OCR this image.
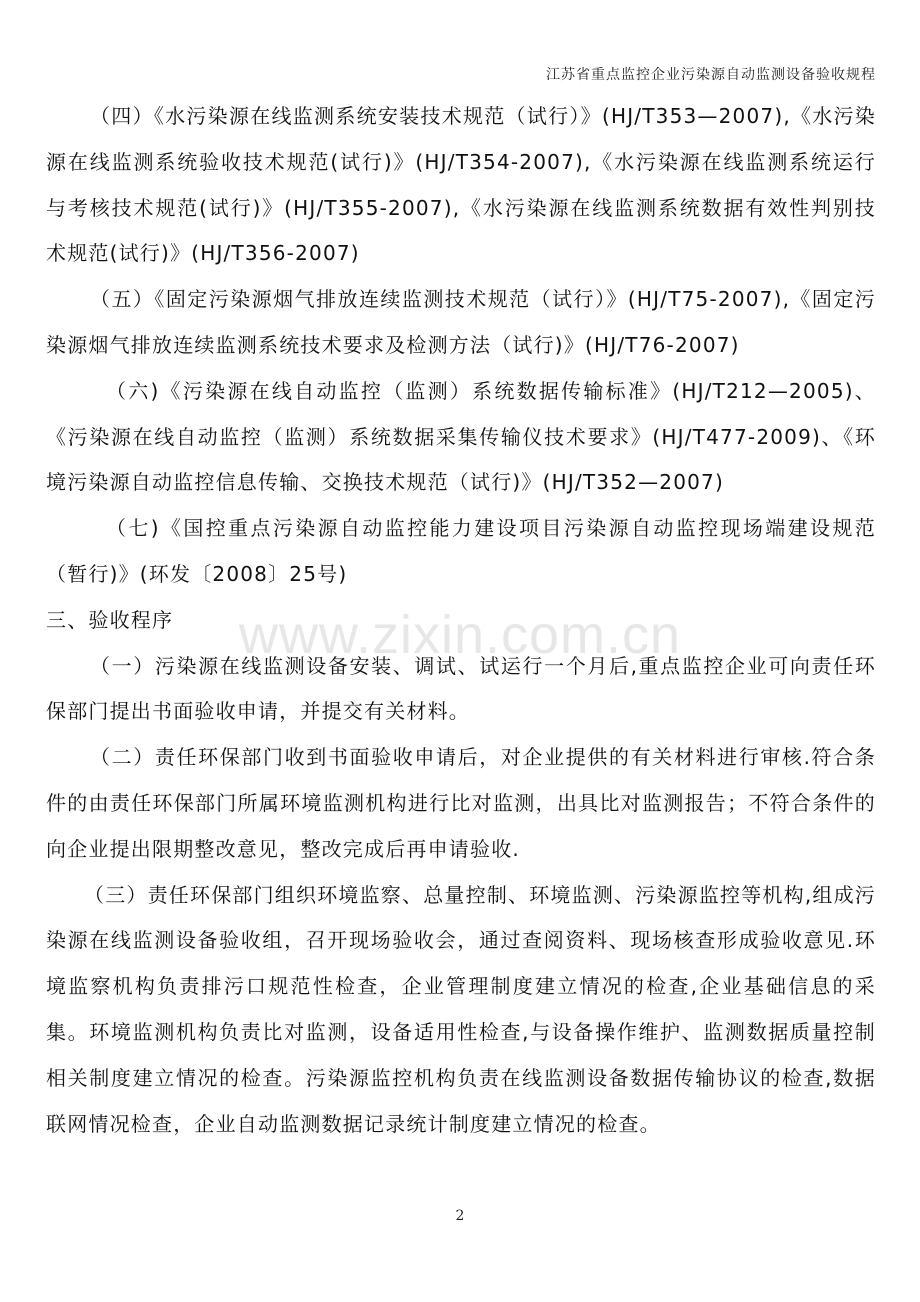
江苏省重点监控企业污染源自动监测设备验收规程

（四）《水污染源在线监测系统安装技术规范（试行）》(HJ/T353—2007),《水污染源在线监测系统验收技术规范(试行)》(HJ/T354-2007),《水污染源在线监测系统运行与考核技术规范(试行)》(HJ/T355-2007),《水污染源在线监测系统数据有效性判别技术规范(试行)》(HJ/T356-2007)

（五）《固定污染源烟气排放连续监测技术规范（试行）》(HJ/T75-2007),《固定污染源烟气排放连续监测系统技术要求及检测方法（试行)》(HJ/T76-2007)

（六)《污染源在线自动监控（监测）系统数据传输标准》(HJ/T212—2005)、《污染源在线自动监控（监测）系统数据采集传输仪技术要求》(HJ/T477-2009)、《环境污染源自动监控信息传输、交换技术规范（试行)》(HJ/T352—2007)

（七)《国控重点污染源自动监控能力建设项目污染源自动监控现场端建设规范（暂行)》(环发〔2008〕25号)

三、验收程序

（一）污染源在线监测设备安装、调试、试运行一个月后,重点监控企业可向责任环保部门提出书面验收申请，并提交有关材料。

（二）责任环保部门收到书面验收申请后，对企业提供的有关材料进行审核.符合条件的由责任环保部门所属环境监测机构进行比对监测，出具比对监测报告；不符合条件的向企业提出限期整改意见，整改完成后再申请验收.

（三）责任环保部门组织环境监察、总量控制、环境监测、污染源监控等机构,组成污染源在线监测设备验收组，召开现场验收会，通过查阅资料、现场核查形成验收意见.环境监察机构负责排污口规范性检查，企业管理制度建立情况的检查,企业基础信息的采集。环境监测机构负责比对监测，设备适用性检查,与设备操作维护、监测数据质量控制相关制度建立情况的检查。污染源监控机构负责在线监测设备数据传输协议的检查,数据联网情况检查，企业自动监测数据记录统计制度建立情况的检查。

www.zixin.com.cn
2
